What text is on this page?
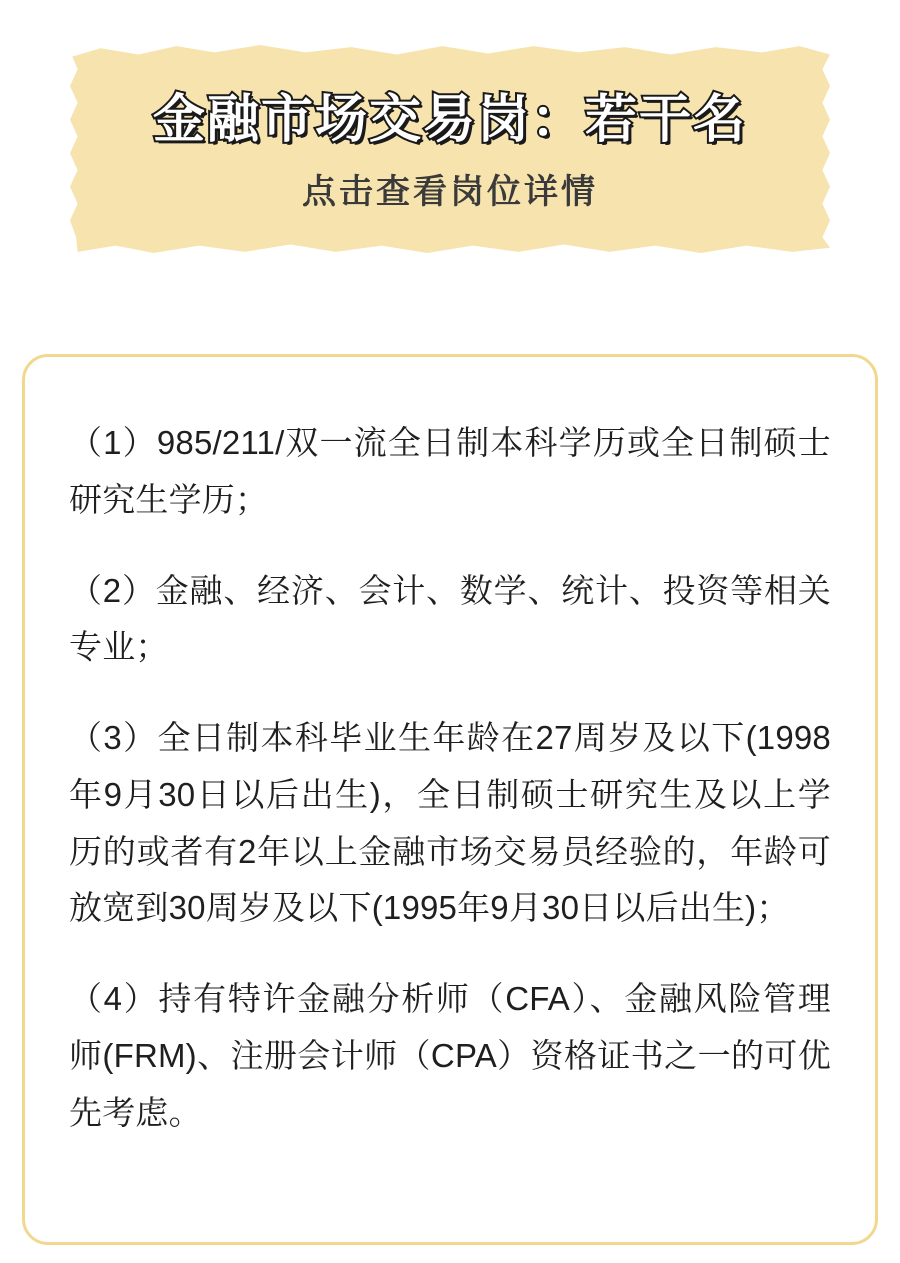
金融市场交易岗：若干名
点击查看岗位详情
（1）985/211/双一流全日制本科学历或全日制硕士研究生学历；
（2）金融、经济、会计、数学、统计、投资等相关专业；
（3）全日制本科毕业生年龄在27周岁及以下(1998年9月30日以后出生)，全日制硕士研究生及以上学历的或者有2年以上金融市场交易员经验的，年龄可放宽到30周岁及以下(1995年9月30日以后出生)；
（4）持有特许金融分析师（CFA）、金融风险管理师(FRM)、注册会计师（CPA）资格证书之一的可优先考虑。
